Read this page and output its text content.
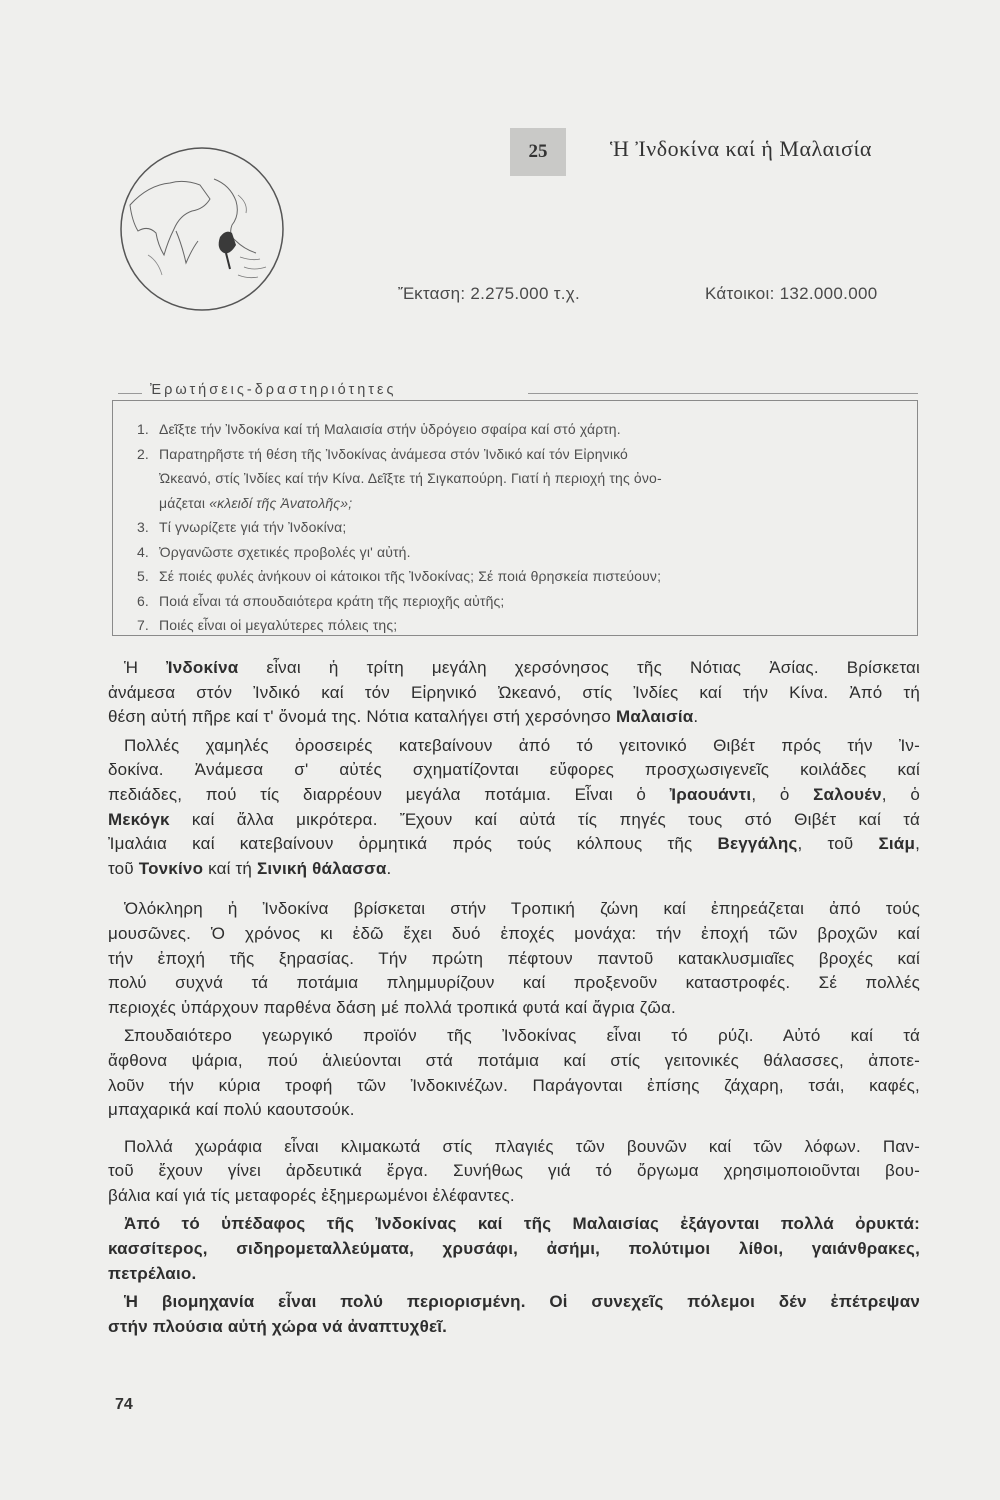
25	Ἡ Ἰνδοκίνα καί ἡ Μαλαισία
Ἔκταση: 2.275.000 τ.χ.	Κάτοικοι: 132.000.000
Ἐρωτήσεις-δραστηριότητες
1. Δεῖξτε τήν Ἰνδοκίνα καί τή Μαλαισία στήν ὑδρόγειο σφαίρα καί στό χάρτη.
2. Παρατηρῆστε τή θέση τῆς Ἰνδοκίνας ἀνάμεσα στόν Ἰνδικό καί τόν Εἰρηνικό
Ὠκεανό, στίς Ἰνδίες καί τήν Κίνα. Δεῖξτε τή Σιγκαπούρη. Γιατί ἡ περιοχή της ὀνο-
μάζεται «κλειδί τῆς Ἀνατολῆς»;
3. Τί γνωρίζετε γιά τήν Ἰνδοκίνα;
4. Ὀργανῶστε σχετικές προβολές γι' αὐτή.
5. Σέ ποιές φυλές ἀνήκουν οἱ κάτοικοι τῆς Ἰνδοκίνας; Σέ ποιά θρησκεία πιστεύουν;
6. Ποιά εἶναι τά σπουδαιότερα κράτη τῆς περιοχῆς αὐτῆς;
7. Ποιές εἶναι οἱ μεγαλύτερες πόλεις της;
Ἡ Ἰνδοκίνα εἶναι ἡ τρίτη μεγάλη χερσόνησος τῆς Νότιας Ἀσίας. Βρίσκεται
ἀνάμεσα στόν Ἰνδικό καί τόν Εἰρηνικό Ὠκεανό, στίς Ἰνδίες καί τήν Κίνα. Ἀπό τή
θέση αὐτή πῆρε καί τ' ὄνομά της. Νότια καταλήγει στή χερσόνησο Μαλαισία.
Πολλές χαμηλές ὀροσειρές κατεβαίνουν ἀπό τό γειτονικό Θιβέτ πρός τήν Ἰν-
δοκίνα. Ἀνάμεσα σ' αὐτές σχηματίζονται εὔφορες προσχωσιγενεῖς κοιλάδες καί
πεδιάδες, πού τίς διαρρέουν μεγάλα ποτάμια. Εἶναι ὁ Ἰραουάντι, ὁ Σαλουέν, ὁ
Μεκόγκ καί ἄλλα μικρότερα. Ἔχουν καί αὐτά τίς πηγές τους στό Θιβέτ καί τά
Ἰμαλάια καί κατεβαίνουν ὁρμητικά πρός τούς κόλπους τῆς Βεγγάλης, τοῦ Σιάμ,
τοῦ Τονκίνο καί τή Σινική θάλασσα.
Ὁλόκληρη ἡ Ἰνδοκίνα βρίσκεται στήν Τροπική ζώνη καί ἐπηρεάζεται ἀπό τούς
μουσῶνες. Ὁ χρόνος κι ἐδῶ ἔχει δυό ἐποχές μονάχα: τήν ἐποχή τῶν βροχῶν καί
τήν ἐποχή τῆς ξηρασίας. Τήν πρώτη πέφτουν παντοῦ κατακλυσμιαῖες βροχές καί
πολύ συχνά τά ποτάμια πλημμυρίζουν καί προξενοῦν καταστροφές. Σέ πολλές
περιοχές ὑπάρχουν παρθένα δάση μέ πολλά τροπικά φυτά καί ἄγρια ζῶα.
Σπουδαιότερο γεωργικό προϊόν τῆς Ἰνδοκίνας εἶναι τό ρύζι. Αὐτό καί τά
ἄφθονα ψάρια, πού ἁλιεύονται στά ποτάμια καί στίς γειτονικές θάλασσες, ἀποτε-
λοῦν τήν κύρια τροφή τῶν Ἰνδοκινέζων. Παράγονται ἐπίσης ζάχαρη, τσάι, καφές,
μπαχαρικά καί πολύ καουτσούκ.
Πολλά χωράφια εἶναι κλιμακωτά στίς πλαγιές τῶν βουνῶν καί τῶν λόφων. Παν-
τοῦ ἔχουν γίνει ἀρδευτικά ἔργα. Συνήθως γιά τό ὄργωμα χρησιμοποιοῦνται βου-
βάλια καί γιά τίς μεταφορές ἐξημερωμένοι ἐλέφαντες.
Ἀπό τό ὑπέδαφος τῆς Ἰνδοκίνας καί τῆς Μαλαισίας ἐξάγονται πολλά ὀρυκτά:
κασσίτερος, σιδηρομεταλλεύματα, χρυσάφι, ἀσήμι, πολύτιμοι λίθοι, γαιάνθρακες,
πετρέλαιο.
Ἡ βιομηχανία εἶναι πολύ περιορισμένη. Οἱ συνεχεῖς πόλεμοι δέν ἐπέτρεψαν
στήν πλούσια αὐτή χώρα νά ἀναπτυχθεῖ.
74
